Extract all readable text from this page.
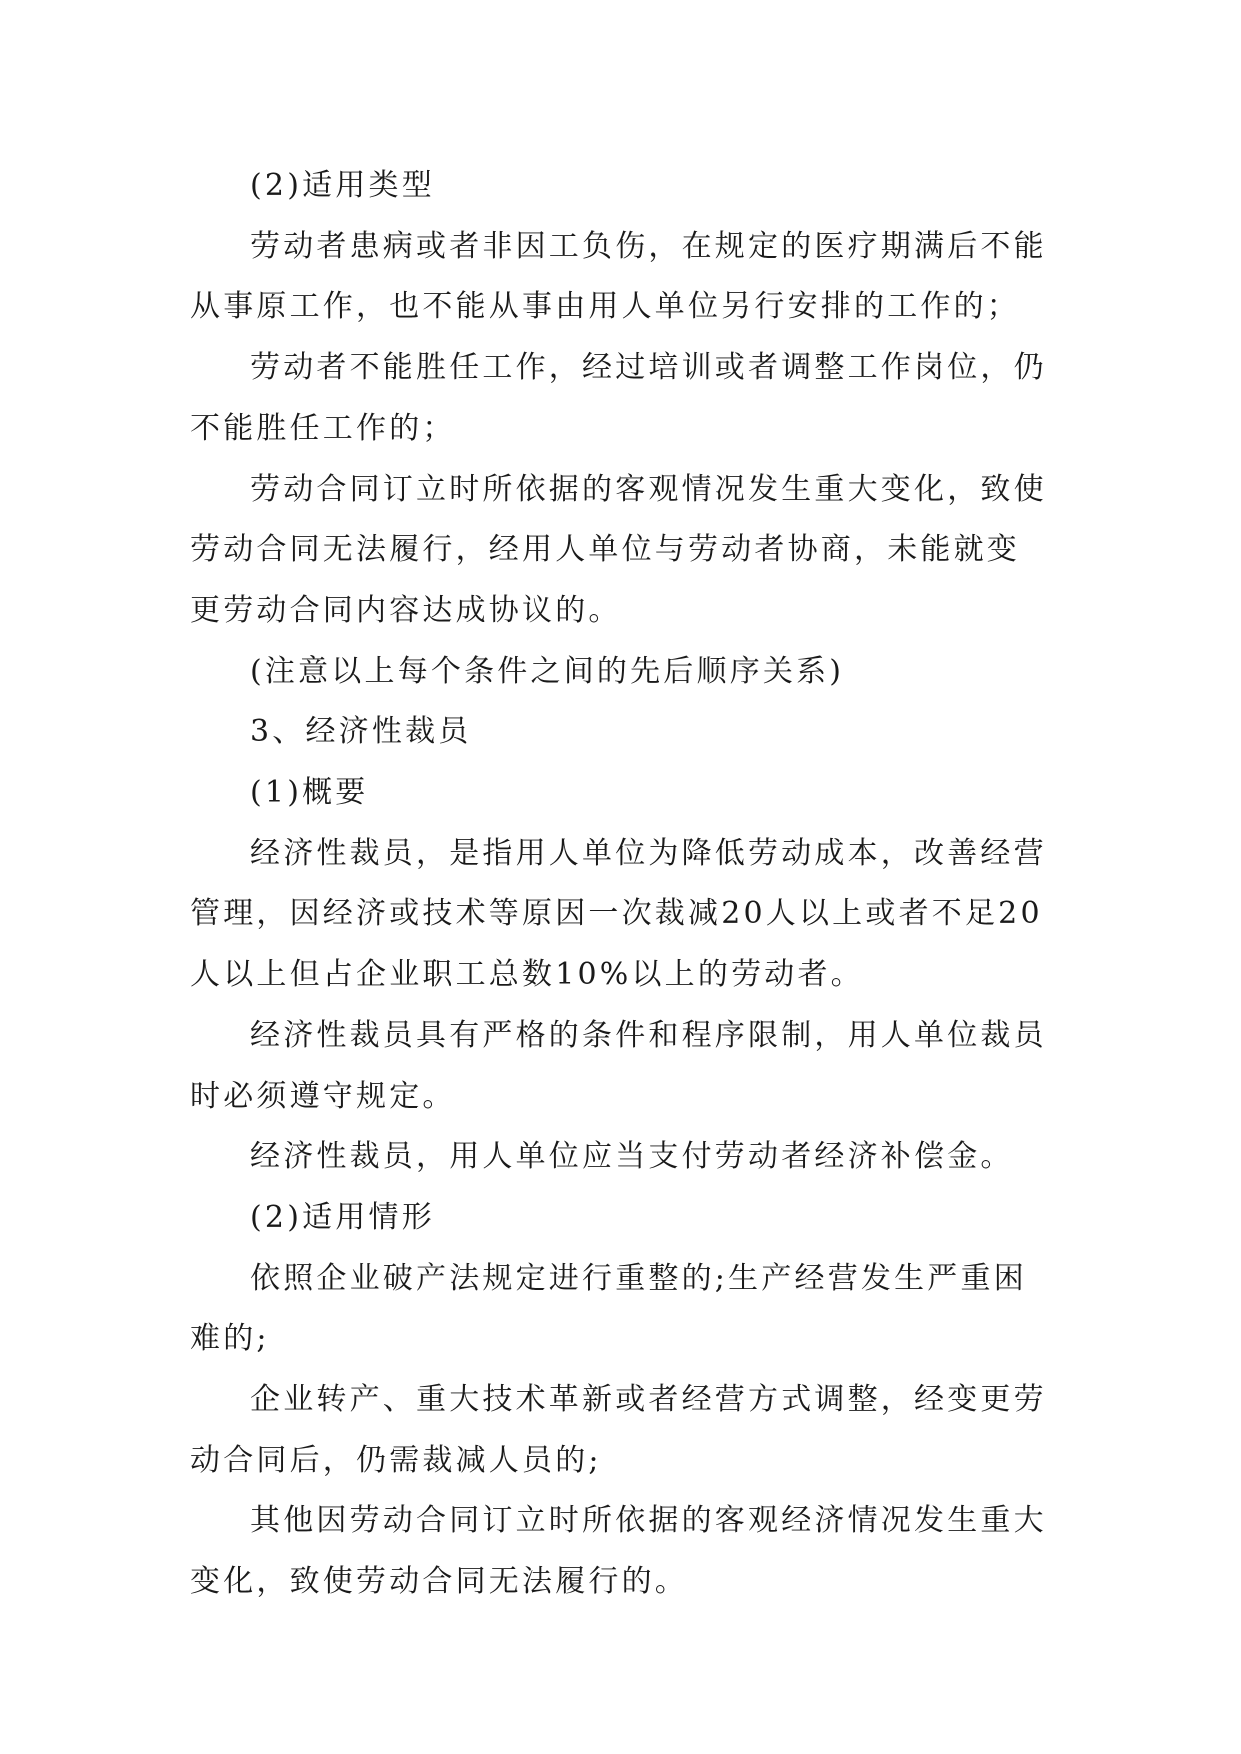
(2)适用类型

劳动者患病或者非因工负伤，在规定的医疗期满后不能从事原工作，也不能从事由用人单位另行安排的工作的；

劳动者不能胜任工作，经过培训或者调整工作岗位，仍不能胜任工作的；

劳动合同订立时所依据的客观情况发生重大变化，致使劳动合同无法履行，经用人单位与劳动者协商，未能就变更劳动合同内容达成协议的。

(注意以上每个条件之间的先后顺序关系)

3、经济性裁员

(1)概要

经济性裁员，是指用人单位为降低劳动成本，改善经营管理，因经济或技术等原因一次裁减20人以上或者不足20人以上但占企业职工总数10%以上的劳动者。

经济性裁员具有严格的条件和程序限制，用人单位裁员时必须遵守规定。

经济性裁员，用人单位应当支付劳动者经济补偿金。

(2)适用情形

依照企业破产法规定进行重整的;生产经营发生严重困难的;

企业转产、重大技术革新或者经营方式调整，经变更劳动合同后，仍需裁减人员的;

其他因劳动合同订立时所依据的客观经济情况发生重大变化，致使劳动合同无法履行的。
